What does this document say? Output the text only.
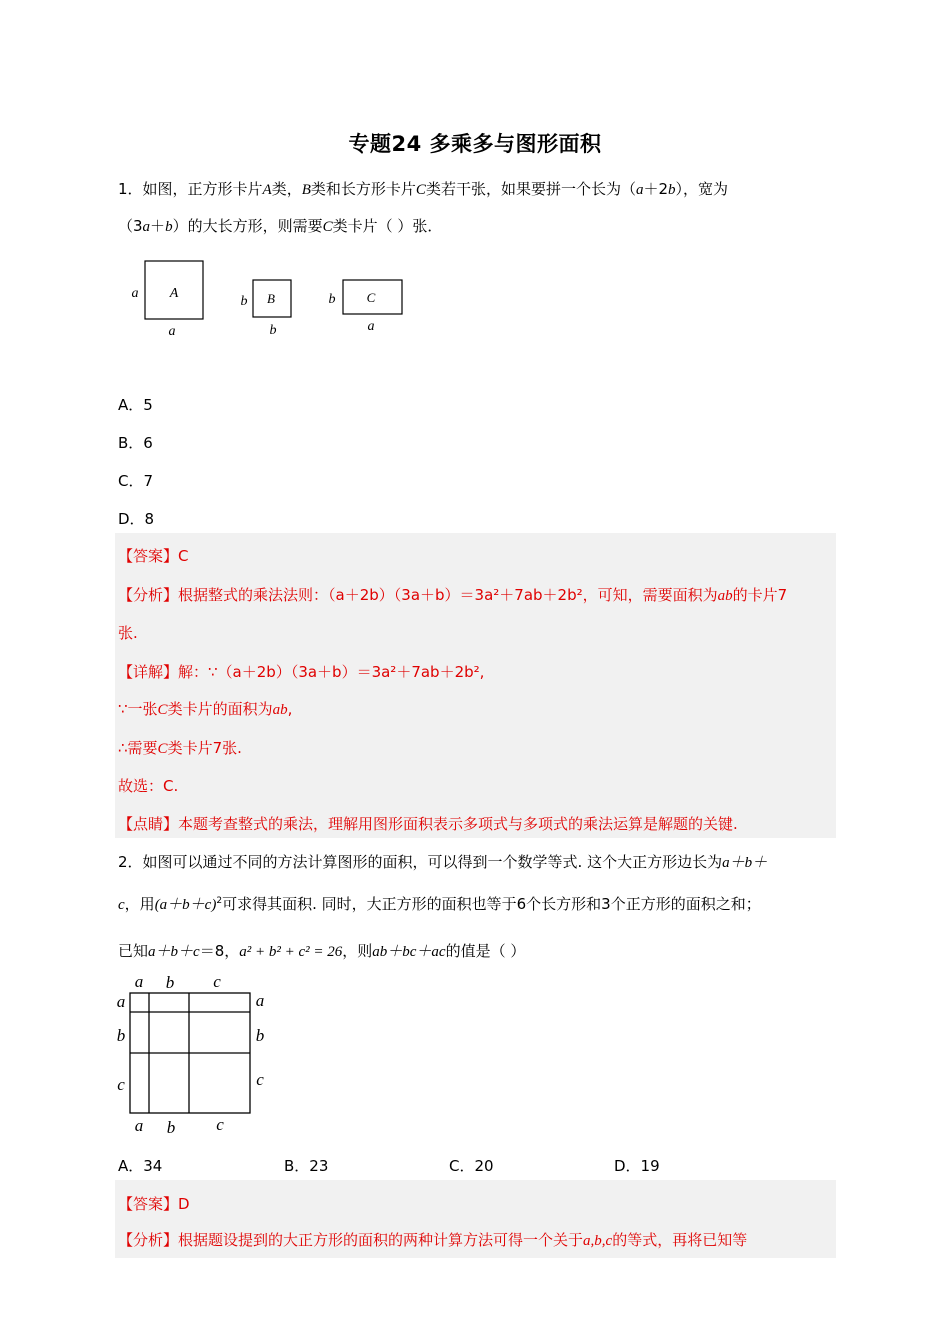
专题24 多乘多与图形面积
1．如图，正方形卡片A类，B类和长方形卡片C类若干张，如果要拼一个长为（a＋2b），宽为
（3a＋b）的大长方形，则需要C类卡片（ ）张．
A
a
a
B
b
b
C
b
a
A．5
B．6
C．7
D．8
【答案】C
【分析】根据整式的乘法法则：（a＋2b）（3a＋b）＝3a²＋7ab＋2b²，可知，需要面积为ab的卡片7
张.
【详解】解：∵（a＋2b）（3a＋b）＝3a²＋7ab＋2b²,
∵一张C类卡片的面积为ab,
∴需要C类卡片7张.
故选：C.
【点睛】本题考查整式的乘法，理解用图形面积表示多项式与多项式的乘法运算是解题的关键.
2．如图可以通过不同的方法计算图形的面积，可以得到一个数学等式. 这个大正方形边长为a＋b＋
c，用$(a+b+c)^2$可求得其面积. 同时，大正方形的面积也等于6个长方形和3个正方形的面积之和；
已知a＋b＋c＝8，a² + b² + c² = 26，则ab＋bc＋ac的值是（ ）
a b c
a
b
c
a
b
c
a b c
A．34	B．23	C．20	D．19
【答案】D
【分析】根据题设提到的大正方形的面积的两种计算方法可得一个关于a,b,c的等式，再将已知等
